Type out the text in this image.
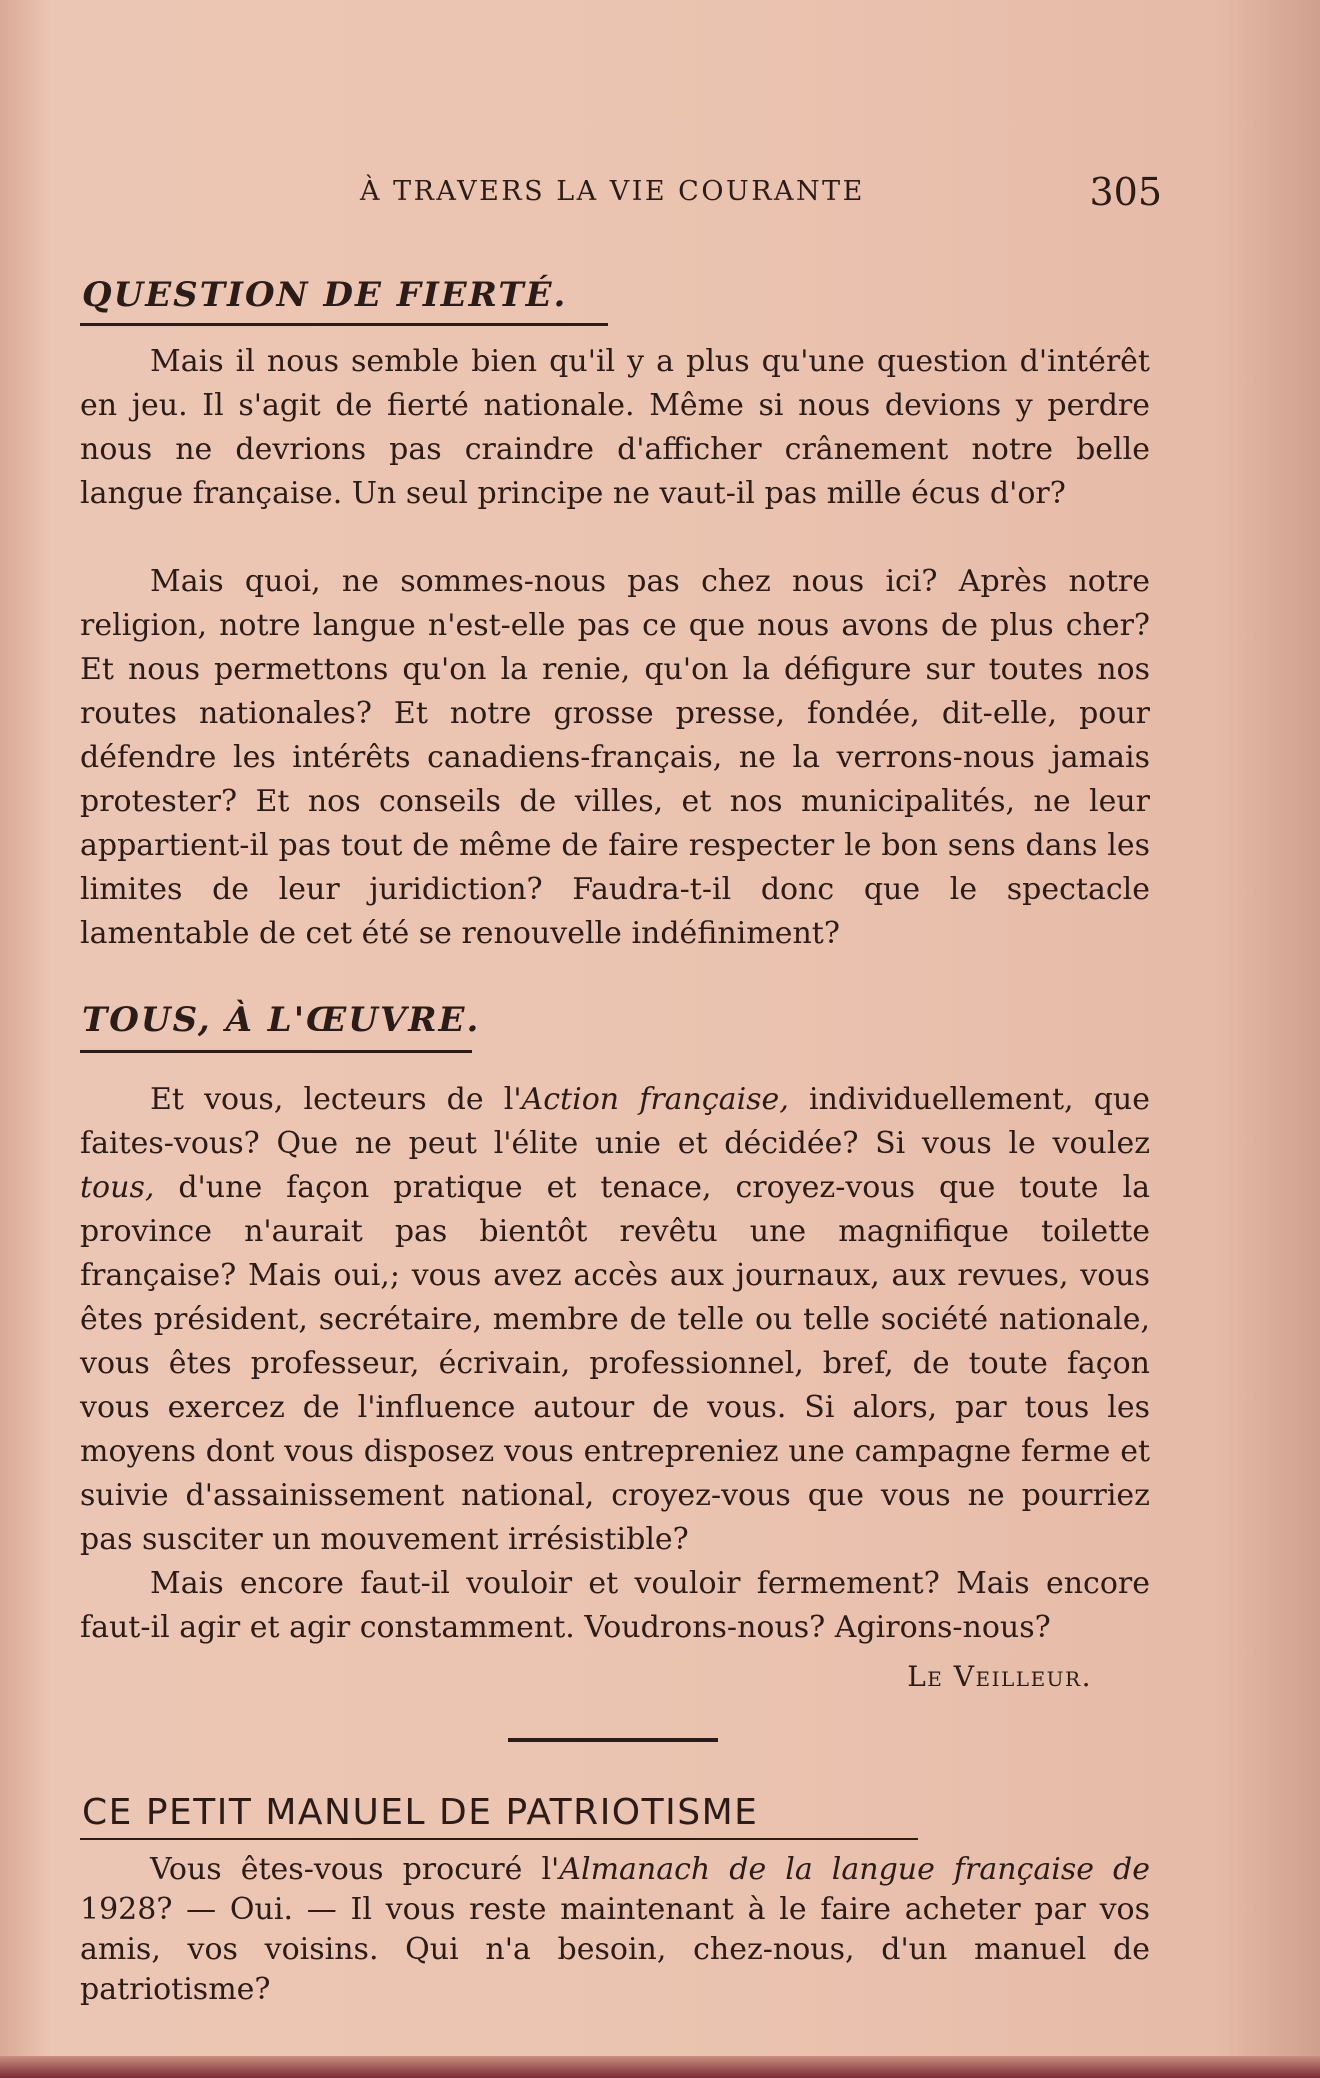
À TRAVERS LA VIE COURANTE	305
QUESTION DE FIERTÉ.

Mais il nous semble bien qu'il y a plus qu'une question d'intérêt en jeu. Il s'agit de fierté nationale. Même si nous devions y perdre nous ne devrions pas craindre d'afficher crânement notre belle langue française. Un seul principe ne vaut-il pas mille écus d'or?

Mais quoi, ne sommes-nous pas chez nous ici? Après notre religion, notre langue n'est-elle pas ce que nous avons de plus cher? Et nous permettons qu'on la renie, qu'on la défigure sur toutes nos routes nationales? Et notre grosse presse, fondée, dit-elle, pour défendre les intérêts canadiens-français, ne la verrons-nous jamais protester? Et nos conseils de villes, et nos municipalités, ne leur appartient-il pas tout de même de faire respecter le bon sens dans les limites de leur juridiction? Faudra-t-il donc que le spectacle lamentable de cet été se renouvelle indéfiniment?

TOUS, À L'ŒUVRE.

Et vous, lecteurs de l'Action française, individuellement, que faites-vous? Que ne peut l'élite unie et décidée? Si vous le voulez tous, d'une façon pratique et tenace, croyez-vous que toute la province n'aurait pas bientôt revêtu une magnifique toilette française? Mais oui,; vous avez accès aux journaux, aux revues, vous êtes président, secrétaire, membre de telle ou telle société nationale, vous êtes professeur, écrivain, professionnel, bref, de toute façon vous exercez de l'influence autour de vous. Si alors, par tous les moyens dont vous disposez vous entrepreniez une campagne ferme et suivie d'assainissement national, croyez-vous que vous ne pourriez pas susciter un mouvement irrésistible?

Mais encore faut-il vouloir et vouloir fermement? Mais encore faut-il agir et agir constamment. Voudrons-nous? Agirons-nous?

Le Veilleur.
CE PETIT MANUEL DE PATRIOTISME

Vous êtes-vous procuré l'Almanach de la langue française de 1928? — Oui. — Il vous reste maintenant à le faire acheter par vos amis, vos voisins. Qui n'a besoin, chez-nous, d'un manuel de patriotisme?
